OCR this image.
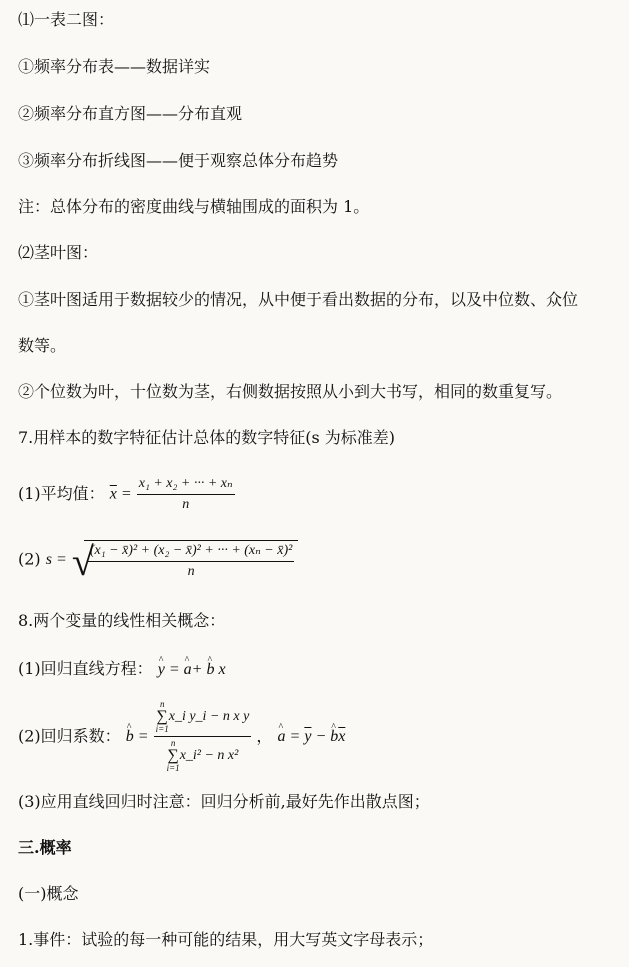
⑴一表二图：
①频率分布表——数据详实
②频率分布直方图——分布直观
③频率分布折线图——便于观察总体分布趋势
注：总体分布的密度曲线与横轴围成的面积为 1。
⑵茎叶图：
①茎叶图适用于数据较少的情况，从中便于看出数据的分布，以及中位数、众位
数等。
②个位数为叶，十位数为茎，右侧数据按照从小到大书写，相同的数重复写。
7.用样本的数字特征估计总体的数字特征(s 为标准差)
(1)平均值： $\overline{x} = \frac{\text{x₁ + x₂ + ··· + xₙ}}{n}$
(2) s = √
$\frac{\text{(x₁ − x̄)² + (x₂ − x̄)² + ··· + (xₙ − x̄)²}}{n}$
8.两个变量的线性相关概念：
(1)回归直线方程： ^ y = ^ a+ ^ b x
(2)回归系数： ^ b =
n
∑
i=1
x_i y_i − n x y
n
∑
i=1
x_i² − n x²
， ^ $a = \overline{y}$ − ^ $b\overline{x}$
(3)应用直线回归时注意：回归分析前,最好先作出散点图；
三.概率
(一)概念
1.事件：试验的每一种可能的结果，用大写英文字母表示；
